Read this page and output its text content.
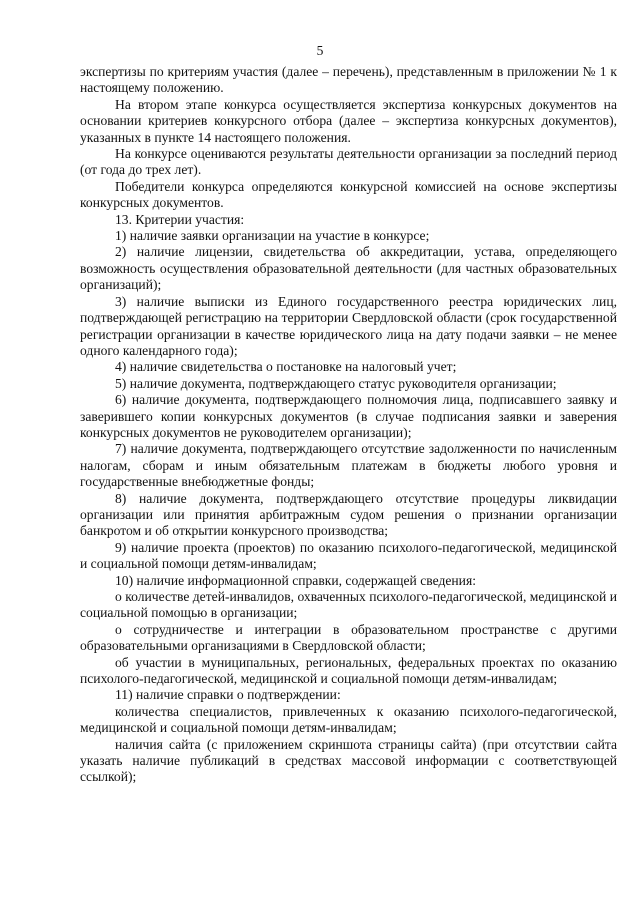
5

экспертизы по критериям участия (далее – перечень), представленным в приложении № 1 к настоящему положению.

На втором этапе конкурса осуществляется экспертиза конкурсных документов на основании критериев конкурсного отбора (далее – экспертиза конкурсных документов), указанных в пункте 14 настоящего положения.

На конкурсе оцениваются результаты деятельности организации за последний период (от года до трех лет).

Победители конкурса определяются конкурсной комиссией на основе экспертизы конкурсных документов.

13. Критерии участия:

1) наличие заявки организации на участие в конкурсе;

2) наличие лицензии, свидетельства об аккредитации, устава, определяющего возможность осуществления образовательной деятельности (для частных образовательных организаций);

3) наличие выписки из Единого государственного реестра юридических лиц, подтверждающей регистрацию на территории Свердловской области (срок государственной регистрации организации в качестве юридического лица на дату подачи заявки – не менее одного календарного года);

4) наличие свидетельства о постановке на налоговый учет;

5) наличие документа, подтверждающего статус руководителя организации;

6) наличие документа, подтверждающего полномочия лица, подписавшего заявку и заверившего копии конкурсных документов (в случае подписания заявки и заверения конкурсных документов не руководителем организации);

7) наличие документа, подтверждающего отсутствие задолженности по начисленным налогам, сборам и иным обязательным платежам в бюджеты любого уровня и государственные внебюджетные фонды;

8) наличие документа, подтверждающего отсутствие процедуры ликвидации организации или принятия арбитражным судом решения о признании организации банкротом и об открытии конкурсного производства;

9) наличие проекта (проектов) по оказанию психолого-педагогической, медицинской и социальной помощи детям-инвалидам;

10) наличие информационной справки, содержащей сведения:

о количестве детей-инвалидов, охваченных психолого-педагогической, медицинской и социальной помощью в организации;

о сотрудничестве и интеграции в образовательном пространстве с другими образовательными организациями в Свердловской области;

об участии в муниципальных, региональных, федеральных проектах по оказанию психолого-педагогической, медицинской и социальной помощи детям-инвалидам;

11) наличие справки о подтверждении:

количества специалистов, привлеченных к оказанию психолого-педагогической, медицинской и социальной помощи детям-инвалидам;

наличия сайта (с приложением скриншота страницы сайта) (при отсутствии сайта указать наличие публикаций в средствах массовой информации с соответствующей ссылкой);
